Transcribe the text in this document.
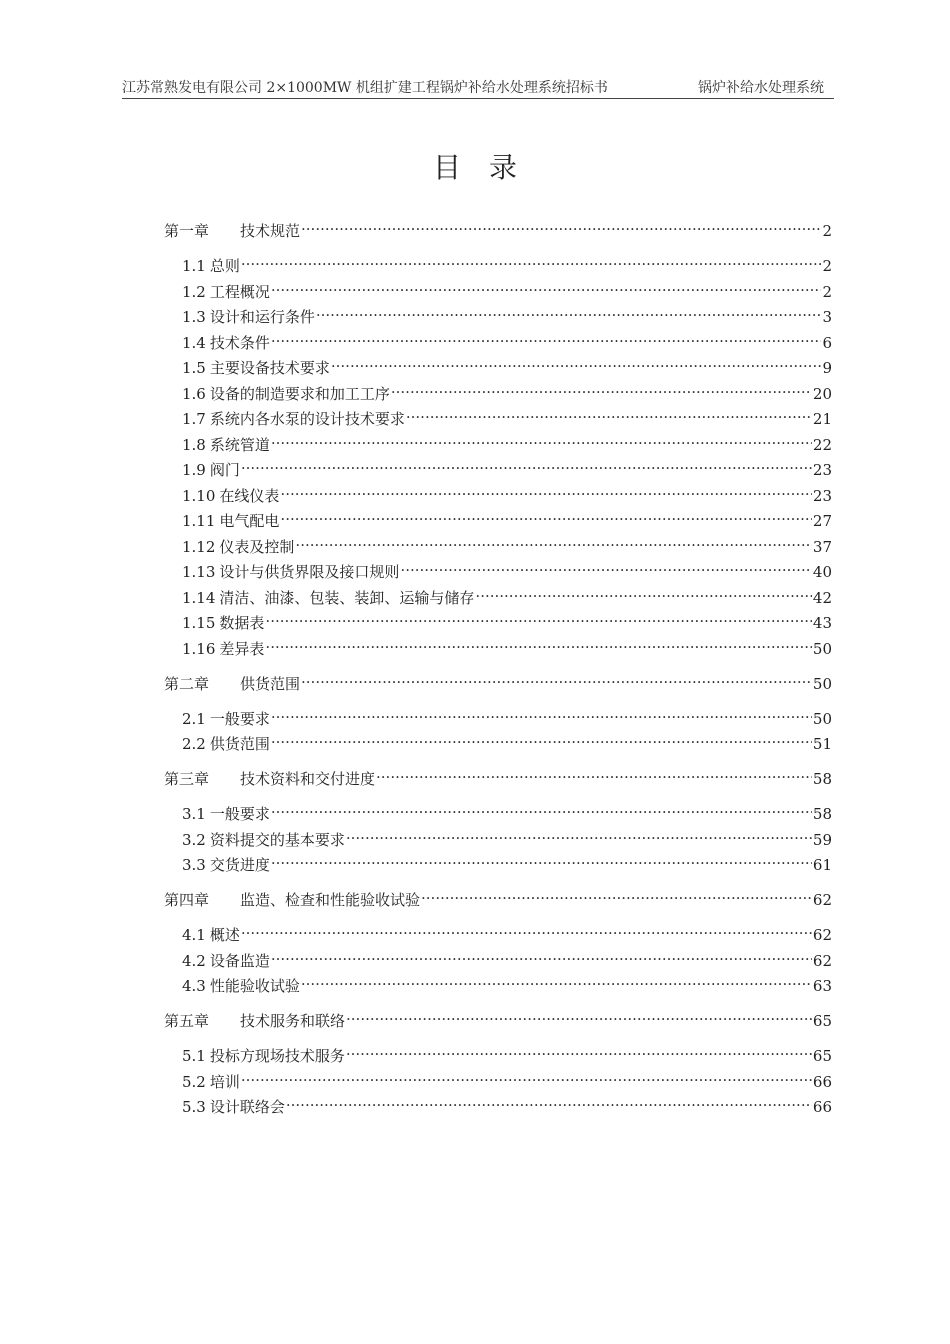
江苏常熟发电有限公司 2×1000MW 机组扩建工程锅炉补给水处理系统招标书	锅炉补给水处理系统
目录
第一章 技术规范 .....	2
1.1 总则 .....	2
1.2 工程概况 .....	2
1.3 设计和运行条件 .....	3
1.4 技术条件 .....	6
1.5 主要设备技术要求 .....	9
1.6 设备的制造要求和加工工序 .....	20
1.7 系统内各水泵的设计技术要求 .....	21
1.8 系统管道 .....	22
1.9 阀门 .....	23
1.10 在线仪表 .....	23
1.11 电气配电 .....	27
1.12 仪表及控制 .....	37
1.13 设计与供货界限及接口规则 .....	40
1.14 清洁、油漆、包装、装卸、运输与储存 .....	42
1.15 数据表 .....	43
1.16 差异表 .....	50
第二章 供货范围 .....	50
2.1 一般要求 .....	50
2.2 供货范围 .....	51
第三章 技术资料和交付进度 .....	58
3.1 一般要求 .....	58
3.2 资料提交的基本要求 .....	59
3.3 交货进度 .....	61
第四章 监造、检查和性能验收试验 .....	62
4.1 概述 .....	62
4.2 设备监造 .....	62
4.3 性能验收试验 .....	63
第五章 技术服务和联络 .....	65
5.1 投标方现场技术服务 .....	65
5.2 培训 .....	66
5.3 设计联络会 .....	66
